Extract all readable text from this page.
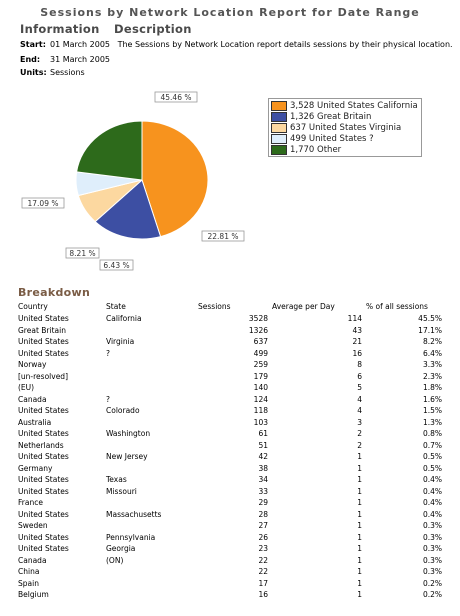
Sessions by Network Location Report for Date Range
Information Description
Start: 01 March 2005 The Sessions by Network Location report details sessions by their physical location.
End: 31 March 2005
Units: Sessions
45.46 %
17.09 %
8.21 %
6.43 %
22.81 %
3,528 United States California
1,326 Great Britain
637 United States Virginia
499 United States ?
1,770 Other
Breakdown
Country	State	Sessions	Average per Day	% of all sessions
United States	California	3528	114	45.5%
Great Britain		1326	43	17.1%
United States	Virginia	637	21	8.2%
United States	?	499	16	6.4%
Norway		259	8	3.3%
[un-resolved]		179	6	2.3%
(EU)		140	5	1.8%
Canada	?	124	4	1.6%
United States	Colorado	118	4	1.5%
Australia		103	3	1.3%
United States	Washington	61	2	0.8%
Netherlands		51	2	0.7%
United States	New Jersey	42	1	0.5%
Germany		38	1	0.5%
United States	Texas	34	1	0.4%
United States	Missouri	33	1	0.4%
France		29	1	0.4%
United States	Massachusetts	28	1	0.4%
Sweden		27	1	0.3%
United States	Pennsylvania	26	1	0.3%
United States	Georgia	23	1	0.3%
Canada	(ON)	22	1	0.3%
China		22	1	0.3%
Spain		17	1	0.2%
Belgium		16	1	0.2%
